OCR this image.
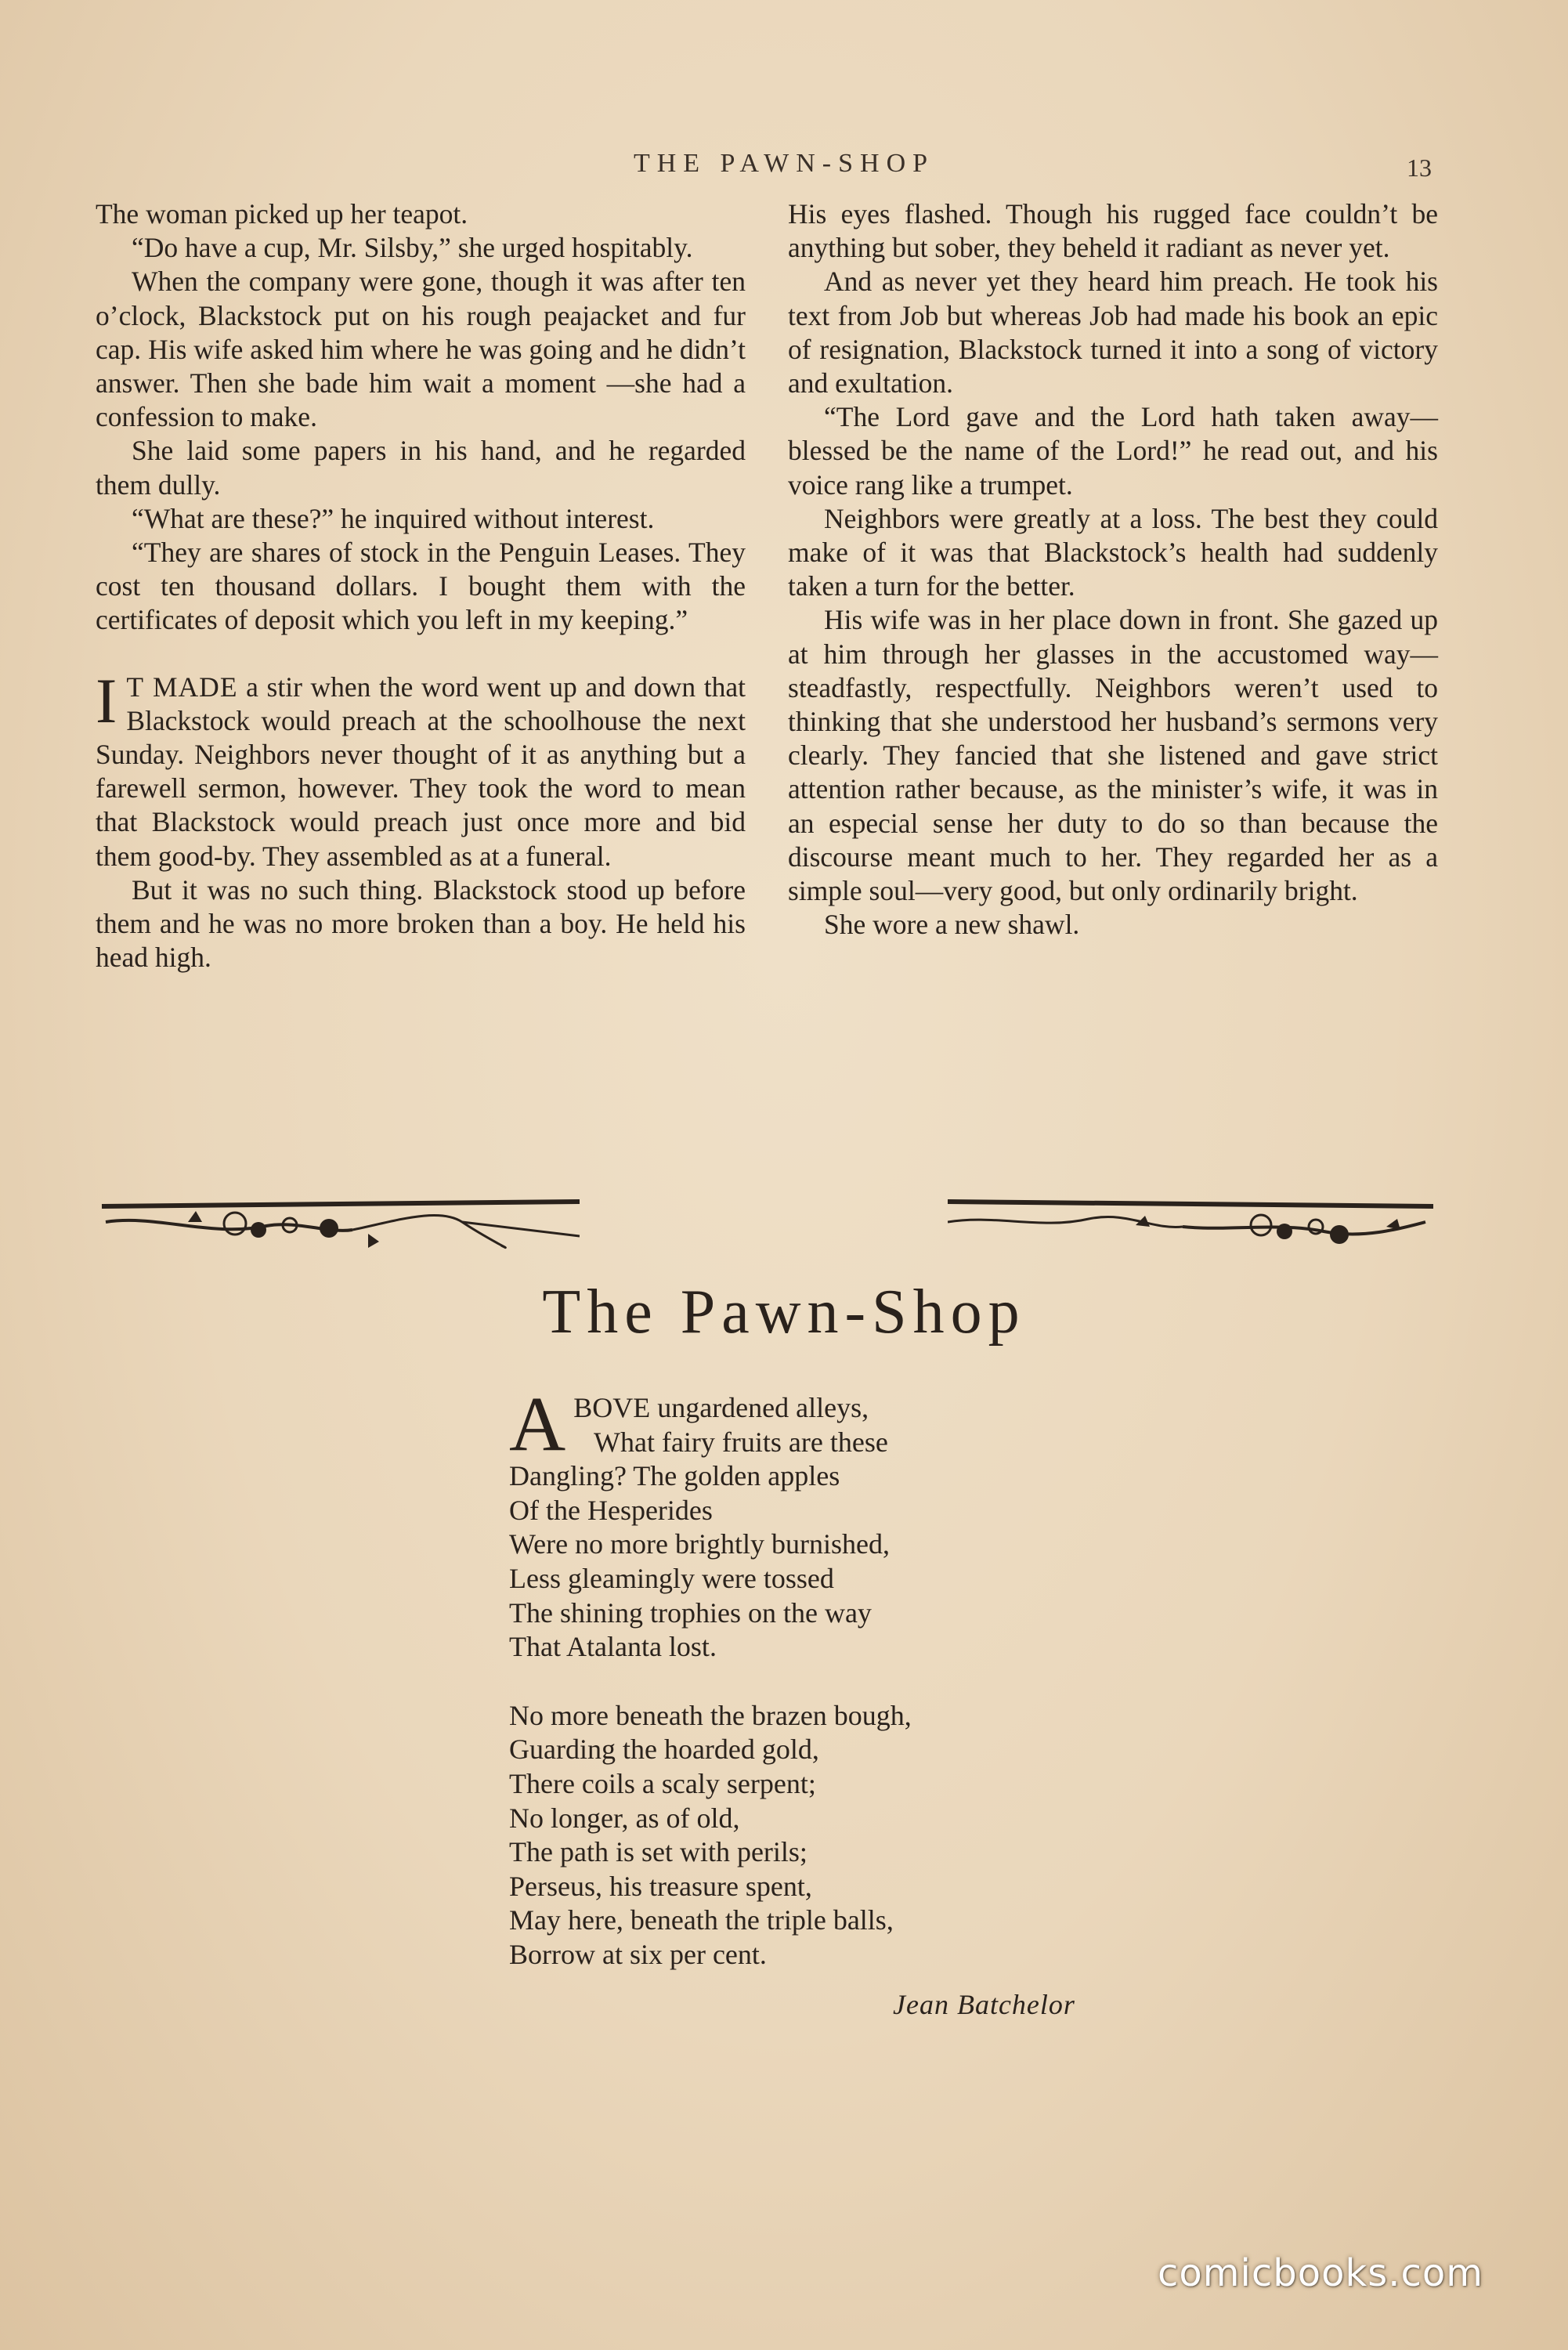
THE PAWN-SHOP	13

The woman picked up her teapot.

“Do have a cup, Mr. Silsby,” she urged hospitably.

When the company were gone, though it was after ten o’clock, Blackstock put on his rough peajacket and fur cap. His wife asked him where he was going and he didn’t answer. Then she bade him wait a moment —she had a confession to make.

She laid some papers in his hand, and he regarded them dully.

“What are these?” he inquired without interest.

“They are shares of stock in the Penguin Leases. They cost ten thousand dollars. I bought them with the certificates of deposit which you left in my keeping.”

I T MADE a stir when the word went up and down that Blackstock would preach at the schoolhouse the next Sunday. Neighbors never thought of it as anything but a farewell sermon, however. They took the word to mean that Blackstock would preach just once more and bid them good-by. They assembled as at a funeral.

But it was no such thing. Blackstock stood up before them and he was no more broken than a boy. He held his head high.

His eyes flashed. Though his rugged face couldn’t be anything but sober, they beheld it radiant as never yet.

And as never yet they heard him preach. He took his text from Job but whereas Job had made his book an epic of resignation, Blackstock turned it into a song of victory and exultation.

“The Lord gave and the Lord hath taken away—blessed be the name of the Lord!” he read out, and his voice rang like a trumpet.

Neighbors were greatly at a loss. The best they could make of it was that Blackstock’s health had suddenly taken a turn for the better.

His wife was in her place down in front. She gazed up at him through her glasses in the accustomed way—steadfastly, respectfully. Neighbors weren’t used to thinking that she understood her husband’s sermons very clearly. They fancied that she listened and gave strict attention rather because, as the minister’s wife, it was in an especial sense her duty to do so than because the discourse meant much to her. They regarded her as a simple soul—very good, but only ordinarily bright.

She wore a new shawl.

The Pawn-Shop
A BOVE ungardened alleys,
What fairy fruits are these
Dangling? The golden apples
Of the Hesperides
Were no more brightly burnished,
Less gleamingly were tossed
The shining trophies on the way
That Atalanta lost.
No more beneath the brazen bough,
Guarding the hoarded gold,
There coils a scaly serpent;
No longer, as of old,
The path is set with perils;
Perseus, his treasure spent,
May here, beneath the triple balls,
Borrow at six per cent.
Jean Batchelor
comicbooks.com
